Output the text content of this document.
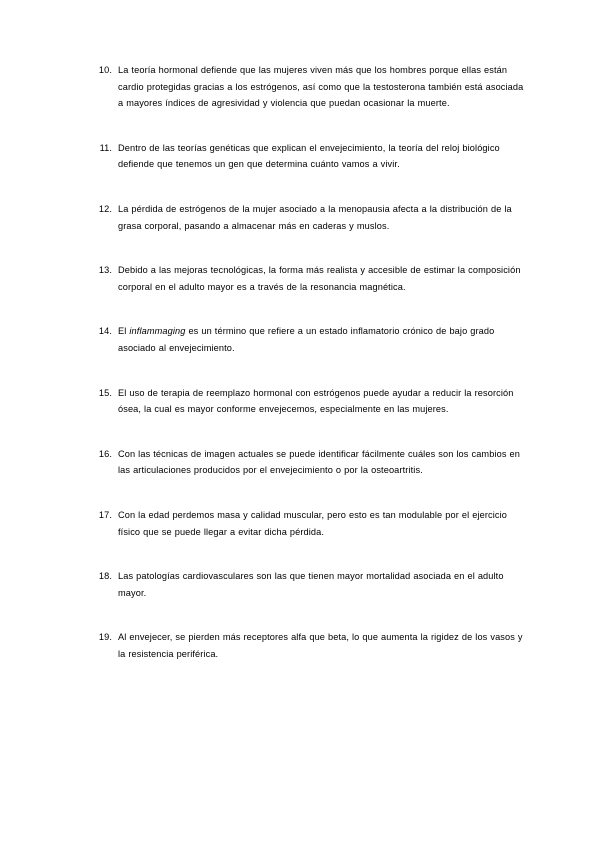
10. La teoría hormonal defiende que las mujeres viven más que los hombres porque ellas están cardio protegidas gracias a los estrógenos, así como que la testosterona también está asociada a mayores índices de agresividad y violencia que puedan ocasionar la muerte.
11. Dentro de las teorías genéticas que explican el envejecimiento, la teoría del reloj biológico defiende que tenemos un gen que determina cuánto vamos a vivir.
12. La pérdida de estrógenos de la mujer asociado a la menopausia afecta a la distribución de la grasa corporal, pasando a almacenar más en caderas y muslos.
13. Debido a las mejoras tecnológicas, la forma más realista y accesible de estimar la composición corporal en el adulto mayor es a través de la resonancia magnética.
14. El inflammaging es un término que refiere a un estado inflamatorio crónico de bajo grado asociado al envejecimiento.
15. El uso de terapia de reemplazo hormonal con estrógenos puede ayudar a reducir la resorción ósea, la cual es mayor conforme envejecemos, especialmente en las mujeres.
16. Con las técnicas de imagen actuales se puede identificar fácilmente cuáles son los cambios en las articulaciones producidos por el envejecimiento o por la osteoartritis.
17. Con la edad perdemos masa y calidad muscular, pero esto es tan modulable por el ejercicio físico que se puede llegar a evitar dicha pérdida.
18. Las patologías cardiovasculares son las que tienen mayor mortalidad asociada en el adulto mayor.
19. Al envejecer, se pierden más receptores alfa que beta, lo que aumenta la rigidez de los vasos y la resistencia periférica.
